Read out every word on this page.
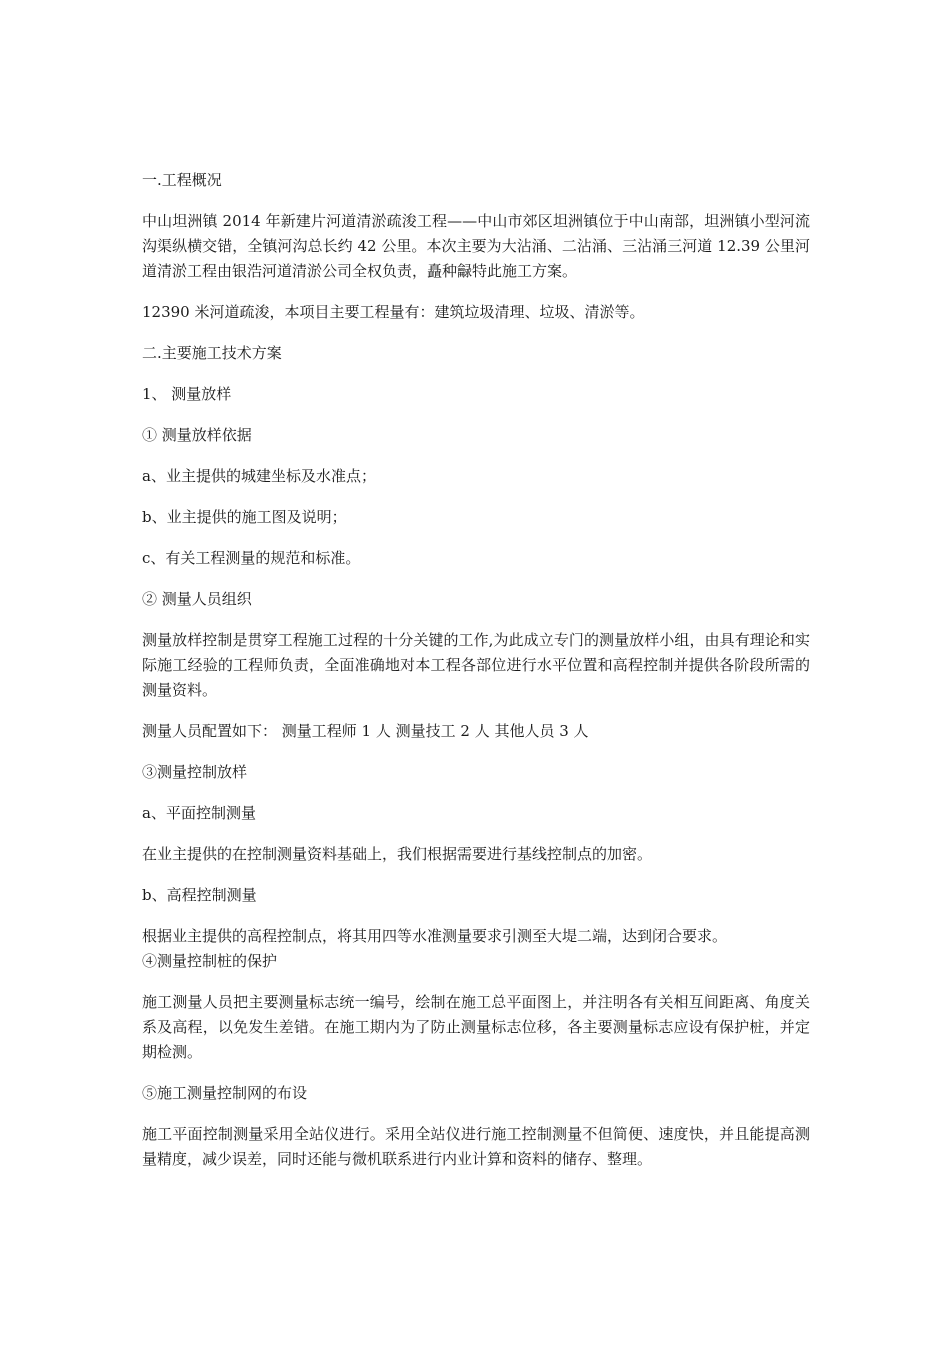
一.工程概况

中山坦洲镇 2014 年新建片河道清淤疏浚工程——中山市郊区坦洲镇位于中山南部，坦洲镇小型河流沟渠纵横交错，全镇河沟总长约 42 公里。本次主要为大沾涌、二沾涌、三沾涌三河道 12.39 公里河道清淤工程由银浩河道清淤公司全权负责，矗种龣特此施工方案。

12390 米河道疏浚，本项目主要工程量有：建筑垃圾清理、垃圾、清淤等。

二.主要施工技术方案

1、 测量放样

① 测量放样依据

a、业主提供的城建坐标及水准点；

b、业主提供的施工图及说明；

c、有关工程测量的规范和标准。

② 测量人员组织

测量放样控制是贯穿工程施工过程的十分关键的工作,为此成立专门的测量放样小组，由具有理论和实际施工经验的工程师负责，全面准确地对本工程各部位进行水平位置和高程控制并提供各阶段所需的测量资料。

测量人员配置如下： 测量工程师 1 人 测量技工 2 人 其他人员 3 人

③测量控制放样

a、平面控制测量

在业主提供的在控制测量资料基础上，我们根据需要进行基线控制点的加密。

b、高程控制测量

根据业主提供的高程控制点，将其用四等水准测量要求引测至大堤二端，达到闭合要求。

④测量控制桩的保护

施工测量人员把主要测量标志统一编号，绘制在施工总平面图上，并注明各有关相互间距离、角度关系及高程，以免发生差错。在施工期内为了防止测量标志位移，各主要测量标志应设有保护桩，并定期检测。

⑤施工测量控制网的布设

施工平面控制测量采用全站仪进行。采用全站仪进行施工控制测量不但简便、速度快，并且能提高测量精度，减少误差，同时还能与微机联系进行内业计算和资料的储存、整理。
